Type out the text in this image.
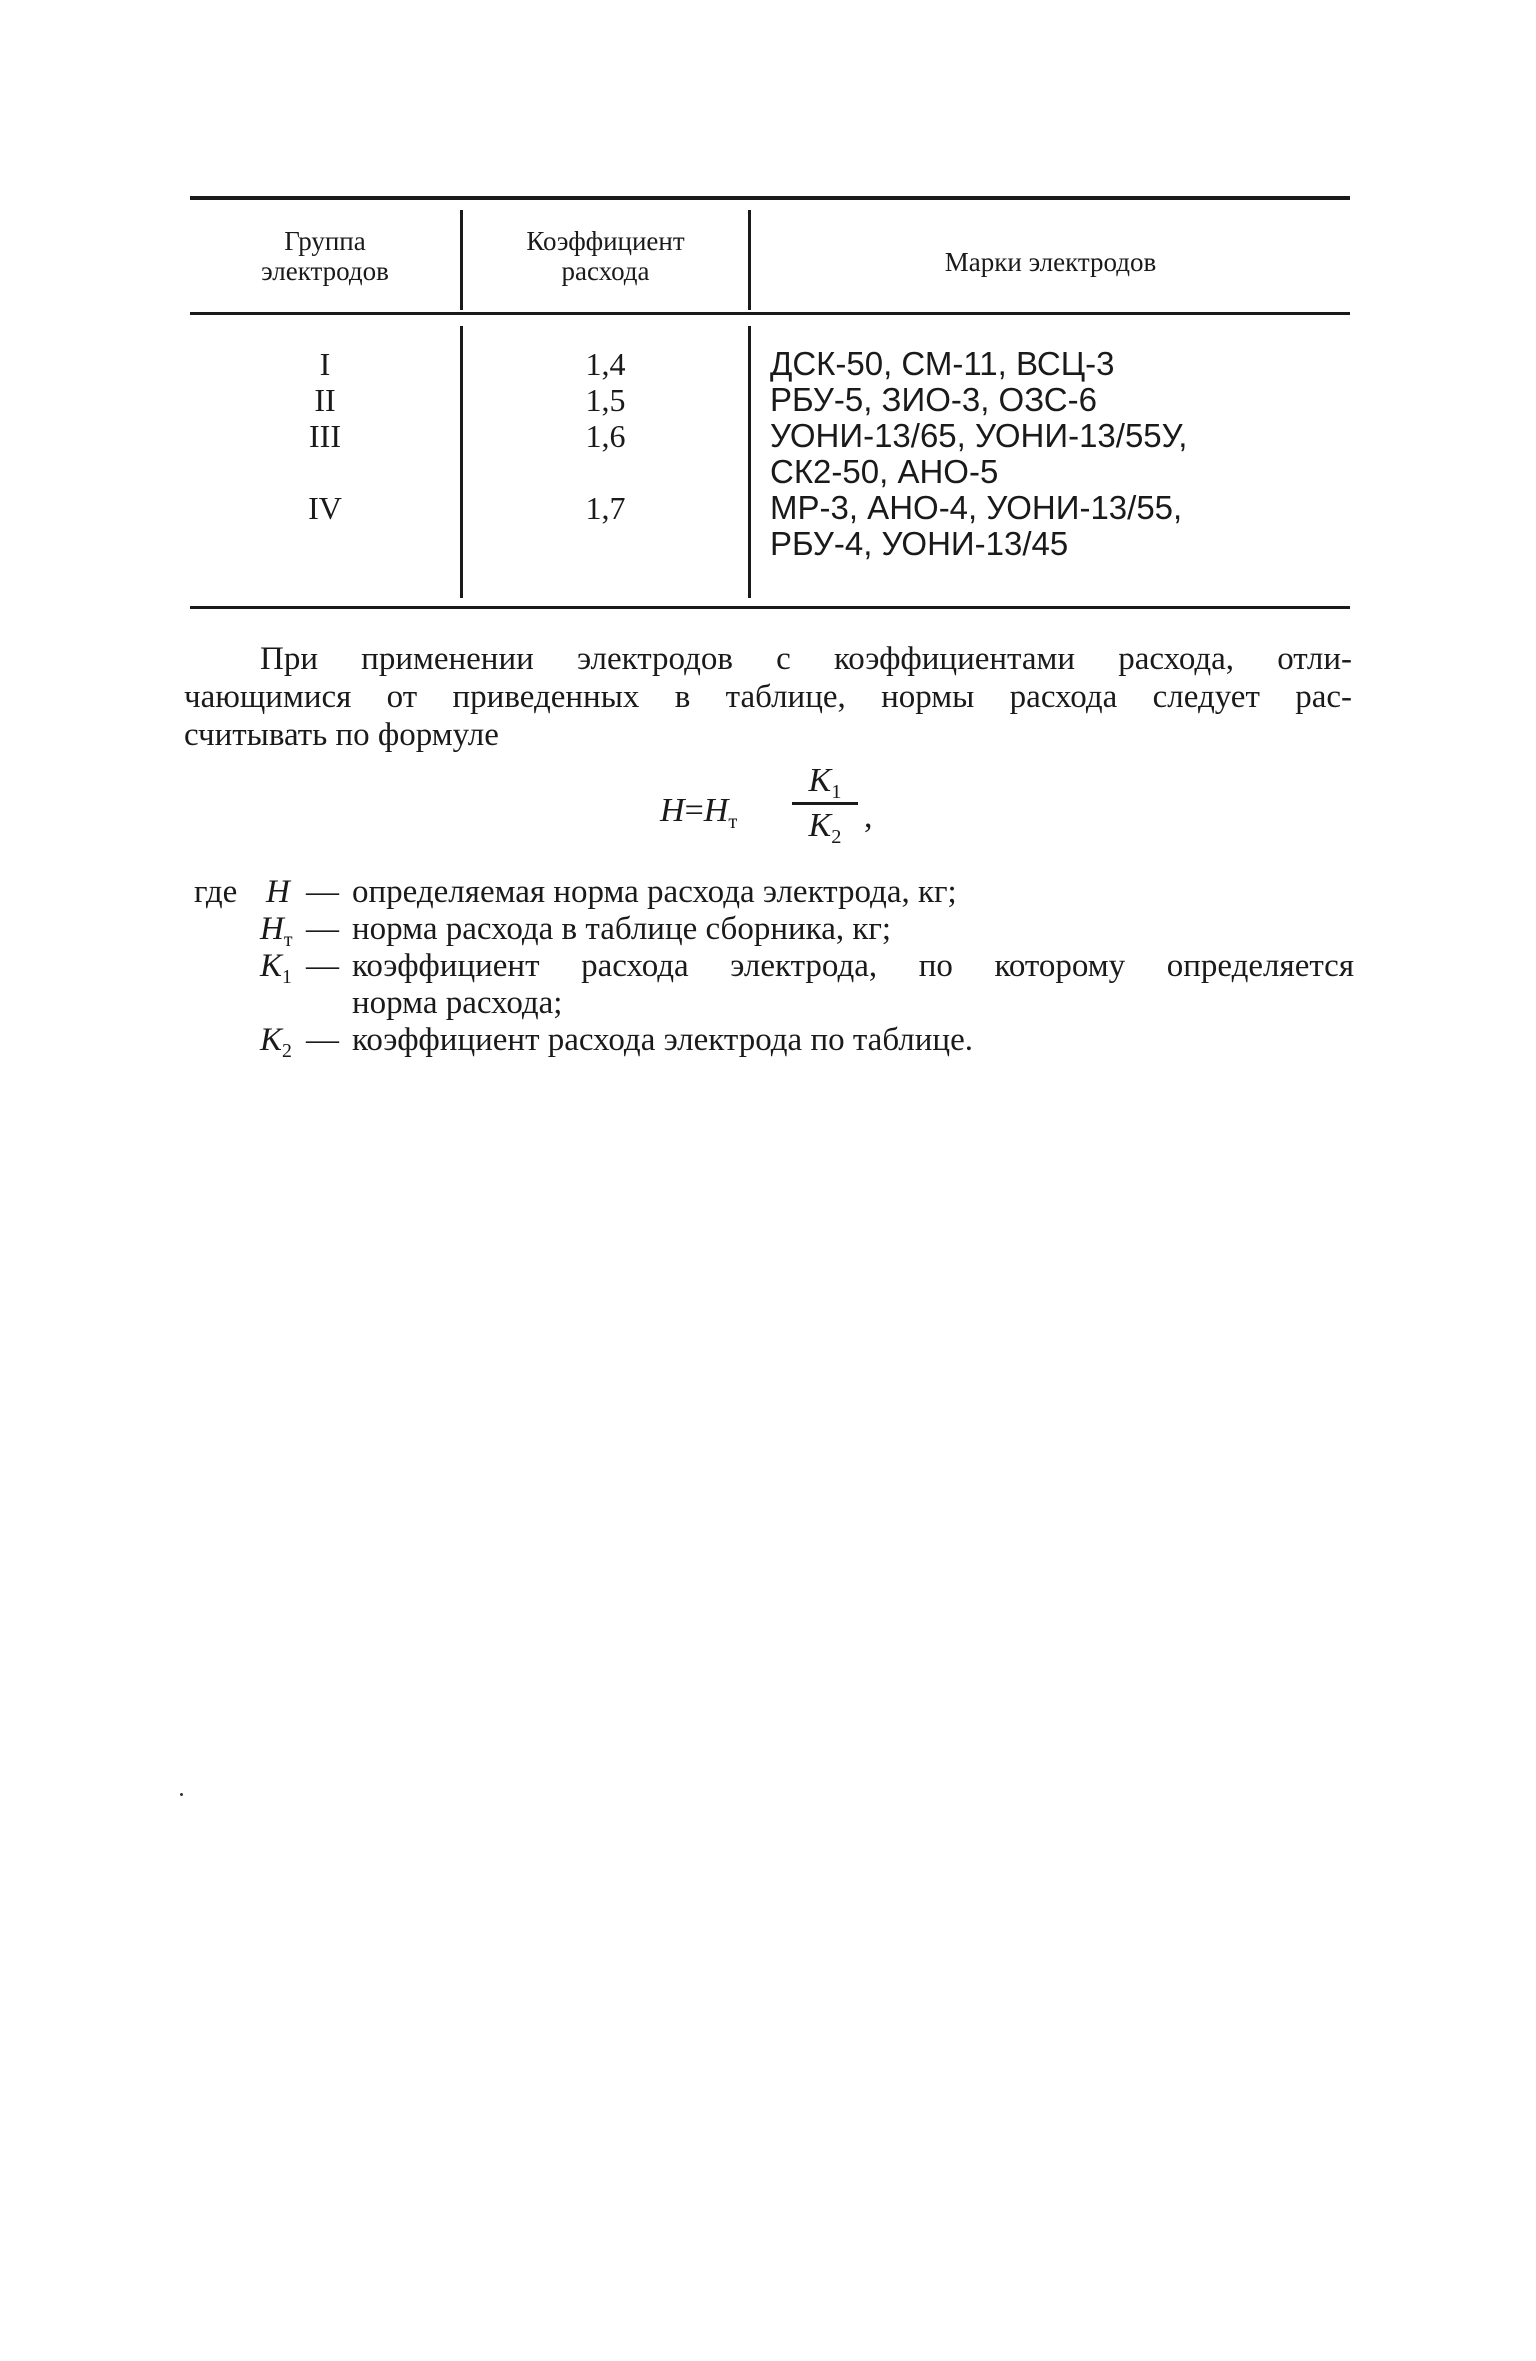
Группа
электродов
Коэффициент
расхода	Марки электродов
I
II
III
IV
1,4
1,5
1,6
1,7
ДСК-50, СМ-11, ВСЦ-3
РБУ-5, ЗИО-3, ОЗС-6
УОНИ-13/65, УОНИ-13/55У,
СК2-50, АНО-5
МР-3, АНО-4, УОНИ-13/55,
РБУ-4, УОНИ-13/45
При применении электродов с коэффициентами расхода, отли-
чающимися от приведенных в таблице, нормы расхода следует рас-
считывать по формуле
$H=H_т$
$K_1$
$K_2$
,
где H — определяемая норма расхода электрода, кг;
$H_т$ — норма расхода в таблице сборника, кг;
$K_1$ — коэффициент расхода электрода, по которому определяется
норма расхода;
$K_2$ — коэффициент расхода электрода по таблице.
